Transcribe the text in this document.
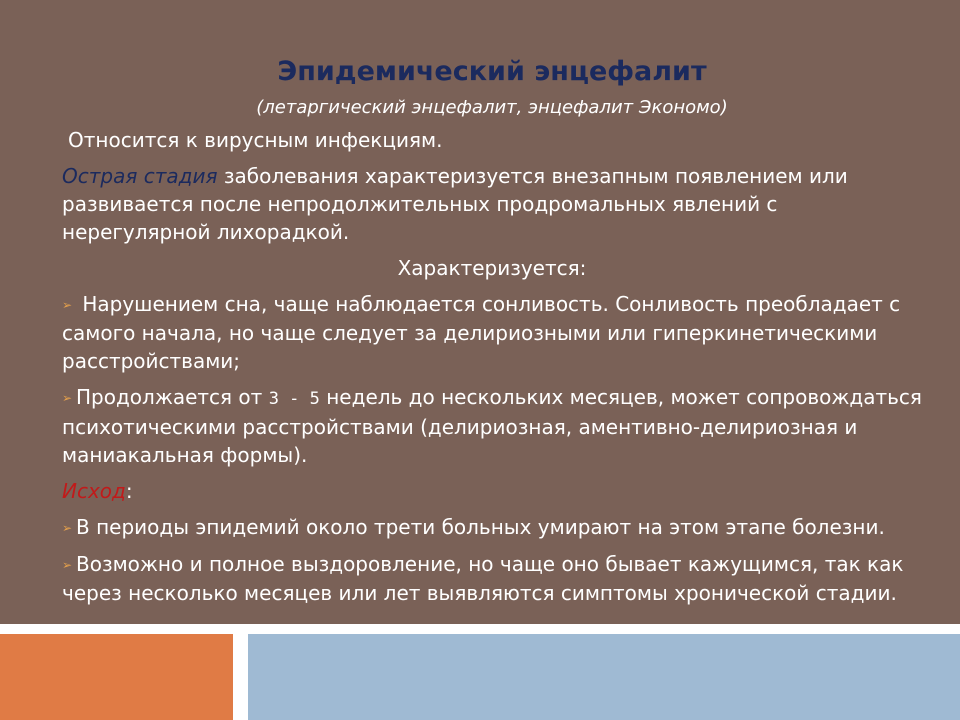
Эпидемический энцефалит
(летаргический энцефалит, энцефалит Экономо)
Относится к вирусным инфекциям.
Острая стадия заболевания характеризуется внезапным появлением или развивается после непродолжительных продромальных явлений с нерегулярной лихорадкой.
Характеризуется:
➢ Нарушением сна, чаще наблюдается сонливость. Сонливость преобладает с самого начала, но чаще следует за делириозными или гиперкинетическими расстройствами;
➢ Продолжается от 3 - 5 недель до нескольких месяцев, может сопровождаться психотическими расстройствами (делириозная, аментивно-делириозная и маниакальная формы).
Исход:
➢ В периоды эпидемий около трети больных умирают на этом этапе болезни.
➢ Возможно и полное выздоровление, но чаще оно бывает кажущимся, так как через несколько месяцев или лет выявляются симптомы хронической стадии.
